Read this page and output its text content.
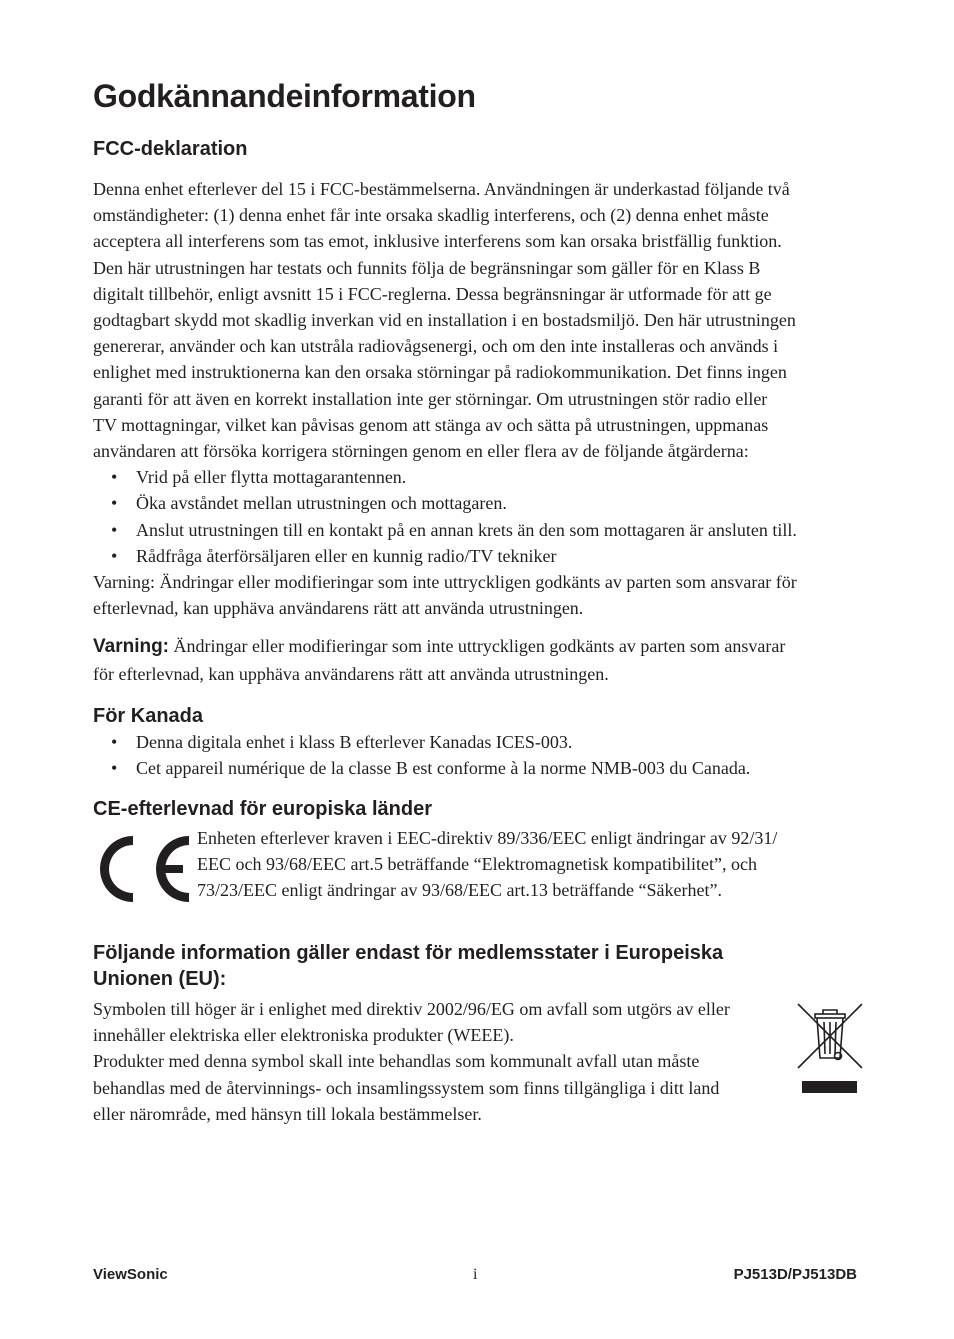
Godkännandeinformation
FCC-deklaration

Denna enhet efterlever del 15 i FCC-bestämmelserna. Användningen är underkastad följande två

omständigheter: (1) denna enhet får inte orsaka skadlig interferens, och (2) denna enhet måste

acceptera all interferens som tas emot, inklusive interferens som kan orsaka bristfällig funktion.

Den här utrustningen har testats och funnits följa de begränsningar som gäller för en Klass B

digitalt tillbehör, enligt avsnitt 15 i FCC-reglerna. Dessa begränsningar är utformade för att ge

godtagbart skydd mot skadlig inverkan vid en installation i en bostadsmiljö. Den här utrustningen

genererar, använder och kan utstråla radiovågsenergi, och om den inte installeras och används i

enlighet med instruktionerna kan den orsaka störningar på radiokommunikation. Det finns ingen

garanti för att även en korrekt installation inte ger störningar. Om utrustningen stör radio eller

TV mottagningar, vilket kan påvisas genom att stänga av och sätta på utrustningen, uppmanas

användaren att försöka korrigera störningen genom en eller flera av de följande åtgärderna:

• Vrid på eller flytta mottagarantennen.
• Öka avståndet mellan utrustningen och mottagaren.
• Anslut utrustningen till en kontakt på en annan krets än den som mottagaren är ansluten till.
• Rådfråga återförsäljaren eller en kunnig radio/TV tekniker

Varning: Ändringar eller modifieringar som inte uttryckligen godkänts av parten som ansvarar för

efterlevnad, kan upphäva användarens rätt att använda utrustningen.

Varning: Ändringar eller modifieringar som inte uttryckligen godkänts av parten som ansvarar

för efterlevnad, kan upphäva användarens rätt att använda utrustningen.

För Kanada
• Denna digitala enhet i klass B efterlever Kanadas ICES-003.
• Cet appareil numérique de la classe B est conforme à la norme NMB-003 du Canada.
CE-efterlevnad för europiska länder

Enheten efterlever kraven i EEC-direktiv 89/336/EEC enligt ändringar av 92/31/

EEC och 93/68/EEC art.5 beträffande “Elektromagnetisk kompatibilitet”, och

73/23/EEC enligt ändringar av 93/68/EEC art.13 beträffande “Säkerhet”.

Följande information gäller endast för medlemsstater i Europeiska
Unionen (EU):

Symbolen till höger är i enlighet med direktiv 2002/96/EG om avfall som utgörs av eller

innehåller elektriska eller elektroniska produkter (WEEE).

Produkter med denna symbol skall inte behandlas som kommunalt avfall utan måste

behandlas med de återvinnings- och insamlingssystem som finns tillgängliga i ditt land

eller närområde, med hänsyn till lokala bestämmelser.

ViewSonic	i	PJ513D/PJ513DB
